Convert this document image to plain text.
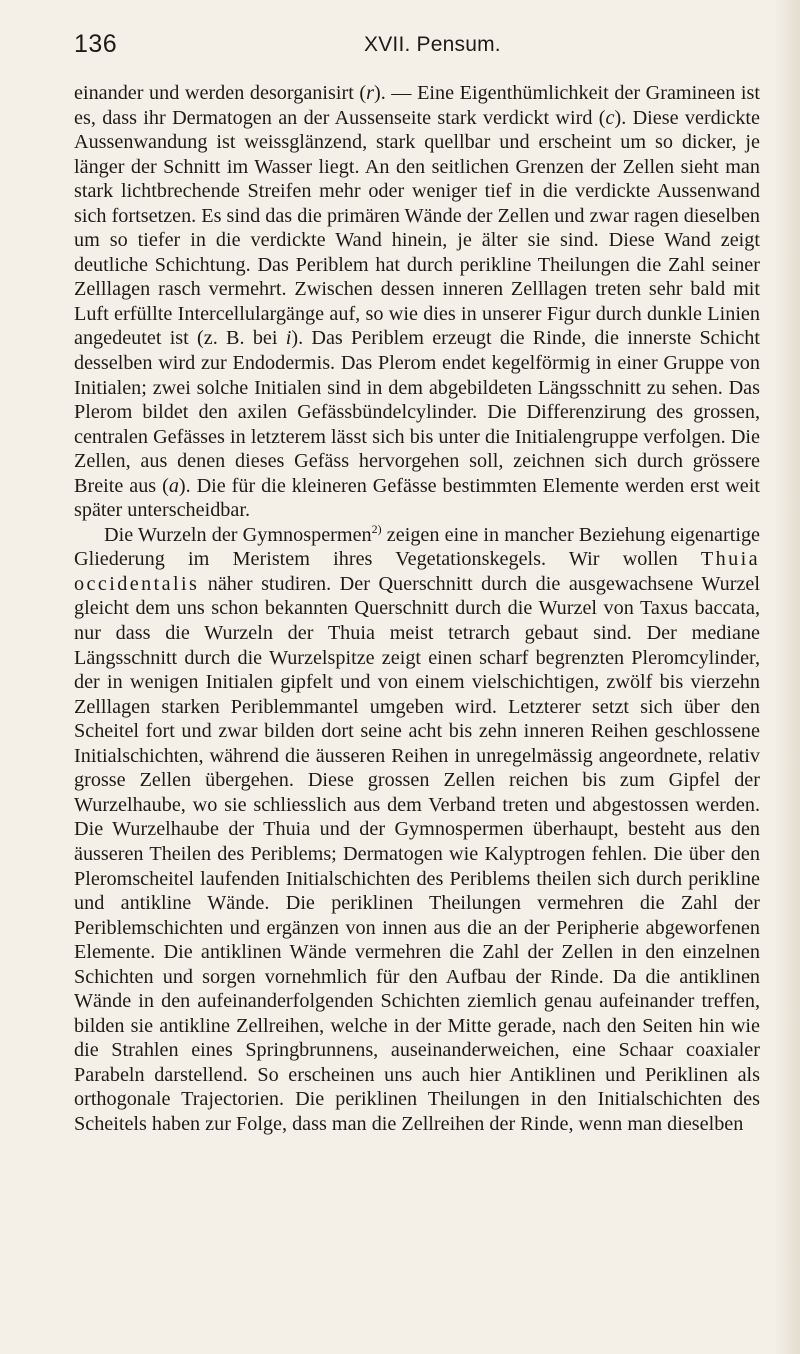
136	XVII. Pensum.

einander und werden desorganisirt (r). — Eine Eigenthümlichkeit der Gramineen ist es, dass ihr Dermatogen an der Aussenseite stark verdickt wird (c). Diese verdickte Aussenwandung ist weissglänzend, stark quellbar und erscheint um so dicker, je länger der Schnitt im Wasser liegt. An den seitlichen Grenzen der Zellen sieht man stark lichtbrechende Streifen mehr oder weniger tief in die verdickte Aussenwand sich fortsetzen. Es sind das die primären Wände der Zellen und zwar ragen dieselben um so tiefer in die verdickte Wand hinein, je älter sie sind. Diese Wand zeigt deutliche Schichtung. Das Periblem hat durch perikline Theilungen die Zahl seiner Zelllagen rasch vermehrt. Zwischen dessen inneren Zelllagen treten sehr bald mit Luft erfüllte Intercellulargänge auf, so wie dies in unserer Figur durch dunkle Linien angedeutet ist (z. B. bei i). Das Periblem erzeugt die Rinde, die innerste Schicht desselben wird zur Endodermis. Das Plerom endet kegelförmig in einer Gruppe von Initialen; zwei solche Initialen sind in dem abgebildeten Längsschnitt zu sehen. Das Plerom bildet den axilen Gefässbündelcylinder. Die Differenzirung des grossen, centralen Gefässes in letzterem lässt sich bis unter die Initialengruppe verfolgen. Die Zellen, aus denen dieses Gefäss hervorgehen soll, zeichnen sich durch grössere Breite aus (a). Die für die kleineren Gefässe bestimmten Elemente werden erst weit später unterscheidbar.

Die Wurzeln der Gymnospermen$^{2)}$ zeigen eine in mancher Beziehung eigenartige Gliederung im Meristem ihres Vegetationskegels. Wir wollen Thuia occidentalis näher studiren. Der Querschnitt durch die ausgewachsene Wurzel gleicht dem uns schon bekannten Querschnitt durch die Wurzel von Taxus baccata, nur dass die Wurzeln der Thuia meist tetrarch gebaut sind. Der mediane Längsschnitt durch die Wurzelspitze zeigt einen scharf begrenzten Pleromcylinder, der in wenigen Initialen gipfelt und von einem vielschichtigen, zwölf bis vierzehn Zelllagen starken Periblemmantel umgeben wird. Letzterer setzt sich über den Scheitel fort und zwar bilden dort seine acht bis zehn inneren Reihen geschlossene Initialschichten, während die äusseren Reihen in unregelmässig angeordnete, relativ grosse Zellen übergehen. Diese grossen Zellen reichen bis zum Gipfel der Wurzelhaube, wo sie schliesslich aus dem Verband treten und abgestossen werden. Die Wurzelhaube der Thuia und der Gymnospermen überhaupt, besteht aus den äusseren Theilen des Periblems; Dermatogen wie Kalyptrogen fehlen. Die über den Pleromscheitel laufenden Initialschichten des Periblems theilen sich durch perikline und antikline Wände. Die periklinen Theilungen vermehren die Zahl der Periblemschichten und ergänzen von innen aus die an der Peripherie abgeworfenen Elemente. Die antiklinen Wände vermehren die Zahl der Zellen in den einzelnen Schichten und sorgen vornehmlich für den Aufbau der Rinde. Da die antiklinen Wände in den aufeinanderfolgenden Schichten ziemlich genau aufeinander treffen, bilden sie antikline Zellreihen, welche in der Mitte gerade, nach den Seiten hin wie die Strahlen eines Springbrunnens, auseinanderweichen, eine Schaar coaxialer Parabeln darstellend. So erscheinen uns auch hier Antiklinen und Periklinen als orthogonale Trajectorien. Die periklinen Theilungen in den Initialschichten des Scheitels haben zur Folge, dass man die Zellreihen der Rinde, wenn man dieselben
